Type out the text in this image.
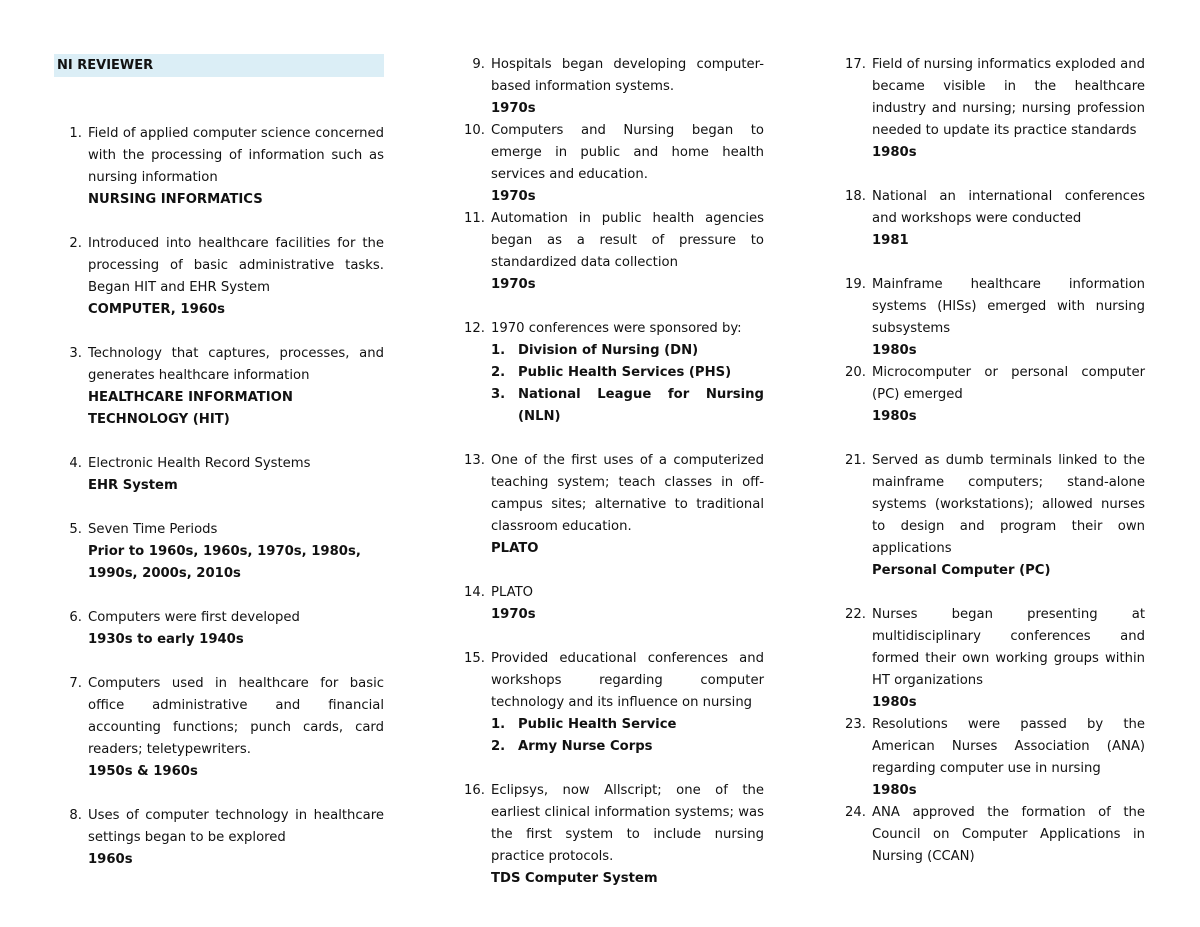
NI REVIEWER
1. Field of applied computer science concerned with the processing of information such as nursing information
NURSING INFORMATICS
2. Introduced into healthcare facilities for the processing of basic administrative tasks. Began HIT and EHR System
COMPUTER, 1960s
3. Technology that captures, processes, and generates healthcare information
HEALTHCARE INFORMATION TECHNOLOGY (HIT)
4. Electronic Health Record Systems
EHR System
5. Seven Time Periods
Prior to 1960s, 1960s, 1970s, 1980s, 1990s, 2000s, 2010s
6. Computers were first developed
1930s to early 1940s
7. Computers used in healthcare for basic office administrative and financial accounting functions; punch cards, card readers; teletypewriters.
1950s & 1960s
8. Uses of computer technology in healthcare settings began to be explored
1960s
9. Hospitals began developing computer-based information systems.
1970s
10. Computers and Nursing began to emerge in public and home health services and education.
1970s
11. Automation in public health agencies began as a result of pressure to standardized data collection
1970s
12. 1970 conferences were sponsored by:
1. Division of Nursing (DN)
2. Public Health Services (PHS)
3. National League for Nursing (NLN)
13. One of the first uses of a computerized teaching system; teach classes in off-campus sites; alternative to traditional classroom education.
PLATO
14. PLATO
1970s
15. Provided educational conferences and workshops regarding computer technology and its influence on nursing
1. Public Health Service
2. Army Nurse Corps
16. Eclipsys, now Allscript; one of the earliest clinical information systems; was the first system to include nursing practice protocols.
TDS Computer System
17. Field of nursing informatics exploded and became visible in the healthcare industry and nursing; nursing profession needed to update its practice standards
1980s
18. National an international conferences and workshops were conducted
1981
19. Mainframe healthcare information systems (HISs) emerged with nursing subsystems
1980s
20. Microcomputer or personal computer (PC) emerged
1980s
21. Served as dumb terminals linked to the mainframe computers; stand-alone systems (workstations); allowed nurses to design and program their own applications
Personal Computer (PC)
22. Nurses began presenting at multidisciplinary conferences and formed their own working groups within HT organizations
1980s
23. Resolutions were passed by the American Nurses Association (ANA) regarding computer use in nursing
1980s
24. ANA approved the formation of the Council on Computer Applications in Nursing (CCAN)
